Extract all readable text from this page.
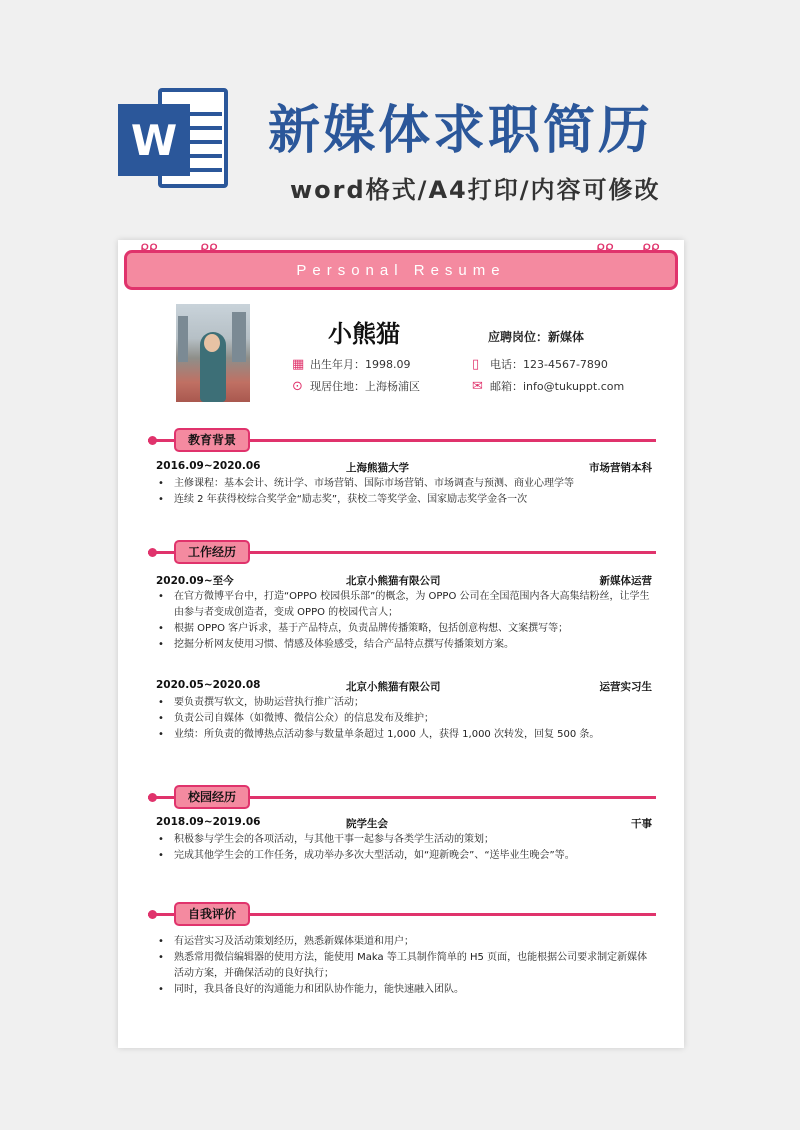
W 新媒体求职简历
word格式/A4打印/内容可修改
Personal Resume
小熊猫	应聘岗位：新媒体
▦ 出生年月：1998.09	▯ 电话：123-4567-7890
⊙ 现居住地：上海杨浦区	✉ 邮箱：info@tukuppt.com
教育背景
2016.09~2020.06	上海熊猫大学	市场营销本科
• 主修课程：基本会计、统计学、市场营销、国际市场营销、市场调查与预测、商业心理学等
• 连续 2 年获得校综合奖学金“励志奖”，获校二等奖学金、国家励志奖学金各一次
工作经历
2020.09~至今	北京小熊猫有限公司	新媒体运营
• 在官方微博平台中，打造“OPPO 校园俱乐部”的概念，为 OPPO 公司在全国范围内各大高集结粉丝，让学生由参与者变成创造者，变成 OPPO 的校园代言人；
• 根据 OPPO 客户诉求，基于产品特点，负责品牌传播策略，包括创意构想、文案撰写等；
• 挖掘分析网友使用习惯、情感及体验感受，结合产品特点撰写传播策划方案。
2020.05~2020.08	北京小熊猫有限公司	运营实习生
• 要负责撰写软文，协助运营执行推广活动；
• 负责公司自媒体（如微博、微信公众）的信息发布及维护；
• 业绩：所负责的微博热点活动参与数量单条超过 1,000 人，获得 1,000 次转发，回复 500 条。
校园经历
2018.09~2019.06	院学生会	干事
• 积极参与学生会的各项活动，与其他干事一起参与各类学生活动的策划；
• 完成其他学生会的工作任务，成功举办多次大型活动，如“迎新晚会”、“送毕业生晚会”等。
自我评价
• 有运营实习及活动策划经历，熟悉新媒体渠道和用户；
• 熟悉常用微信编辑器的使用方法，能使用 Maka 等工具制作简单的 H5 页面，也能根据公司要求制定新媒体活动方案，并确保活动的良好执行；
• 同时，我具备良好的沟通能力和团队协作能力，能快速融入团队。
